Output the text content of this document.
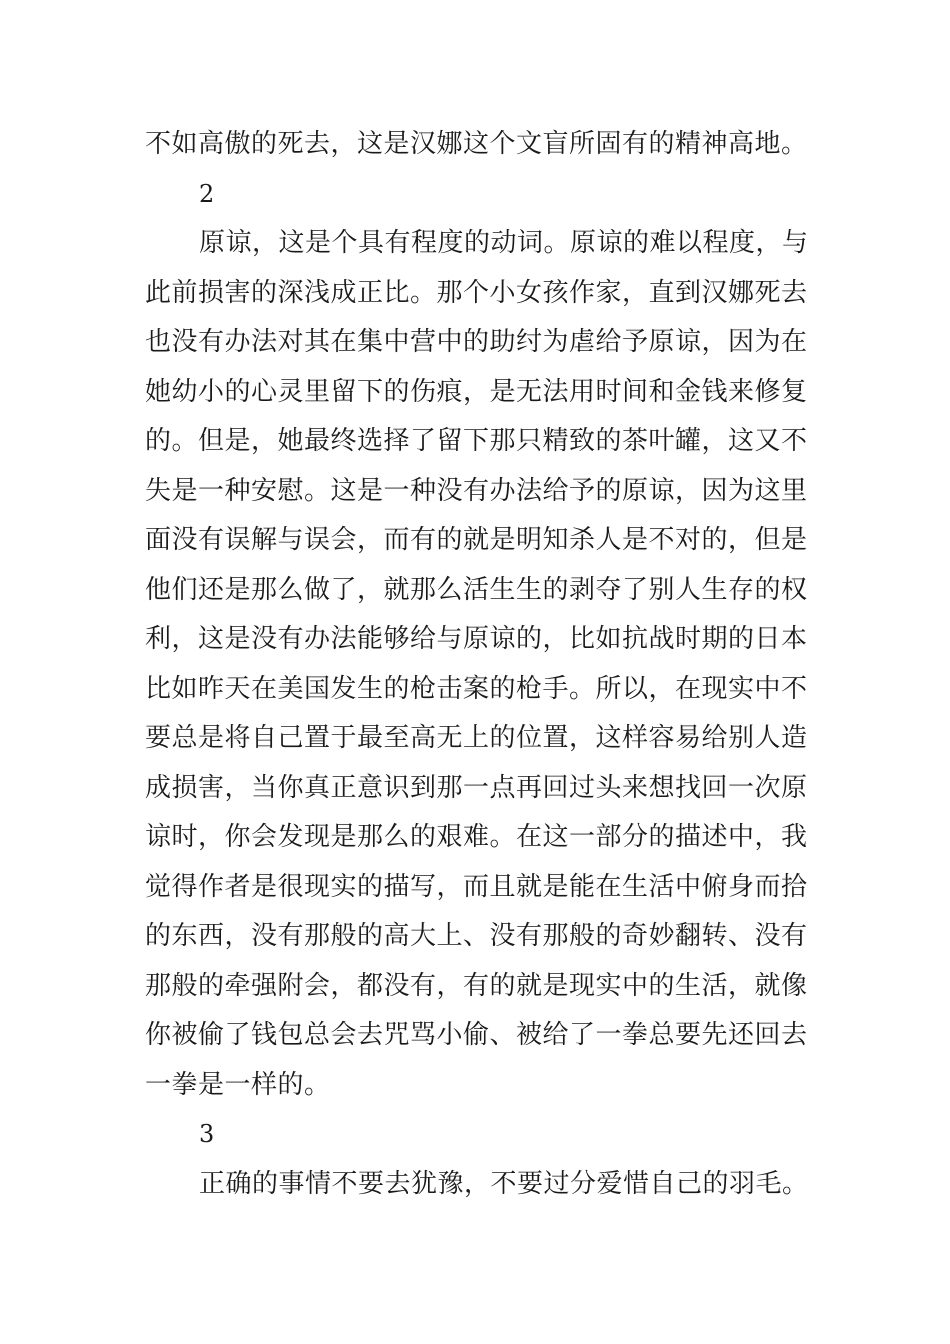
不如高傲的死去，这是汉娜这个文盲所固有的精神高地。
2
原谅，这是个具有程度的动词。原谅的难以程度，与
此前损害的深浅成正比。那个小女孩作家，直到汉娜死去
也没有办法对其在集中营中的助纣为虐给予原谅，因为在
她幼小的心灵里留下的伤痕，是无法用时间和金钱来修复
的。但是，她最终选择了留下那只精致的茶叶罐，这又不
失是一种安慰。这是一种没有办法给予的原谅，因为这里
面没有误解与误会，而有的就是明知杀人是不对的，但是
他们还是那么做了，就那么活生生的剥夺了别人生存的权
利，这是没有办法能够给与原谅的，比如抗战时期的日本
比如昨天在美国发生的枪击案的枪手。所以，在现实中不
要总是将自己置于最至高无上的位置，这样容易给别人造
成损害，当你真正意识到那一点再回过头来想找回一次原
谅时，你会发现是那么的艰难。在这一部分的描述中，我
觉得作者是很现实的描写，而且就是能在生活中俯身而拾
的东西，没有那般的高大上、没有那般的奇妙翻转、没有
那般的牵强附会，都没有，有的就是现实中的生活，就像
你被偷了钱包总会去咒骂小偷、被给了一拳总要先还回去
一拳是一样的。
3
正确的事情不要去犹豫，不要过分爱惜自己的羽毛。
